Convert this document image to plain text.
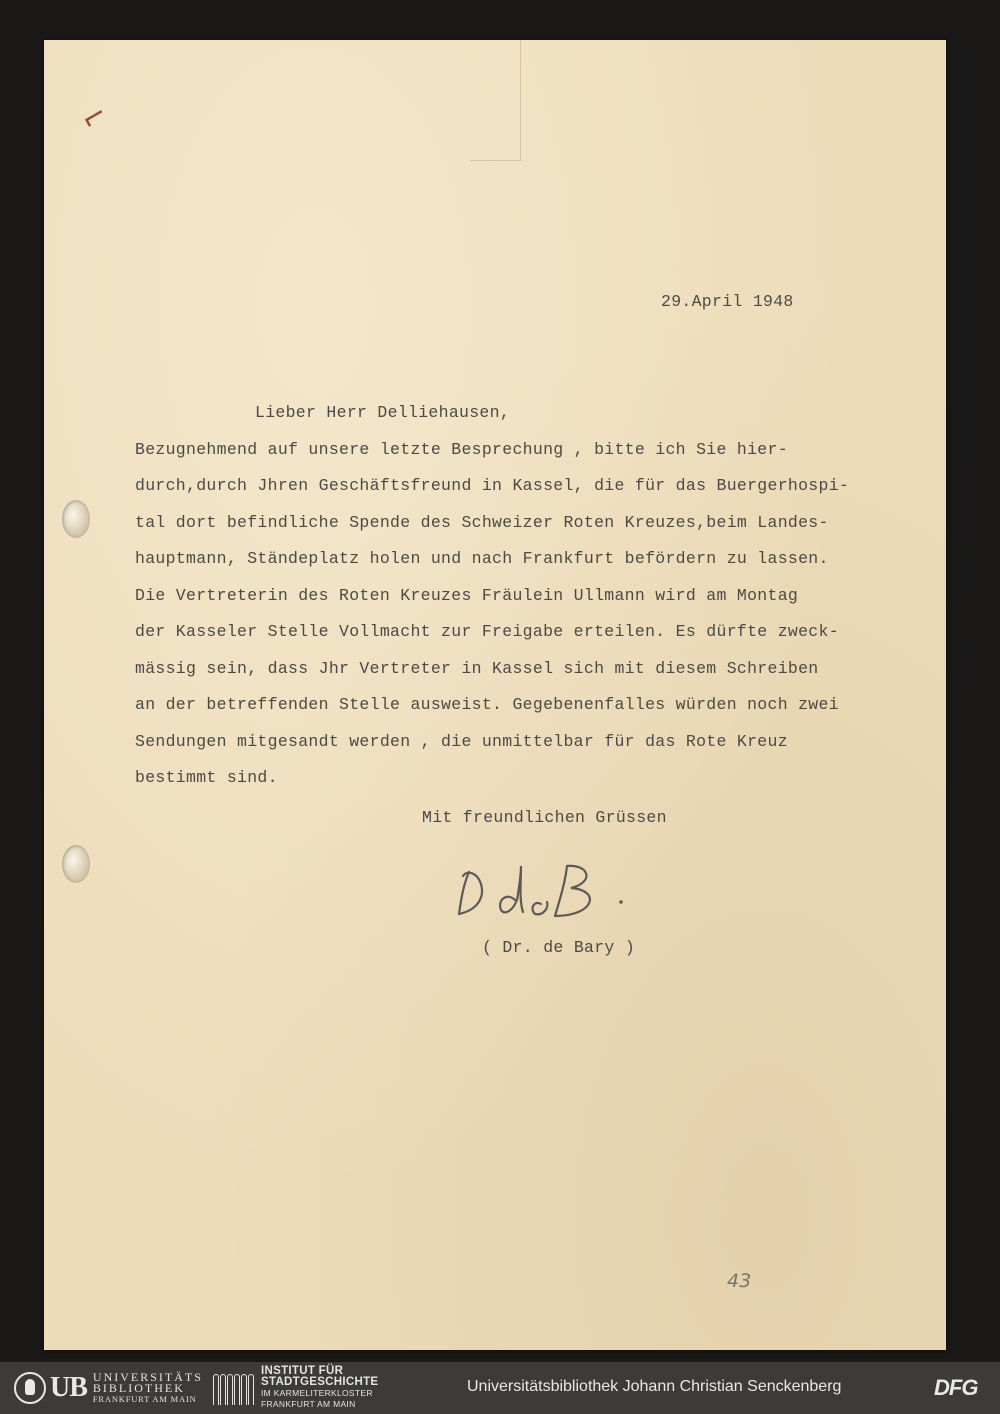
⌐
29.April 1948
Lieber Herr Delliehausen,
Bezugnehmend auf unsere letzte Besprechung , bitte ich Sie hier-
durch,durch Jhren Geschäftsfreund in Kassel, die für das Buergerhospi-
tal dort befindliche Spende des Schweizer Roten Kreuzes,beim Landes-
hauptmann, Ständeplatz holen und nach Frankfurt befördern zu lassen.
Die Vertreterin des Roten Kreuzes Fräulein Ullmann wird am Montag
der Kasseler Stelle Vollmacht zur Freigabe erteilen. Es dürfte zweck-
mässig sein, dass Jhr Vertreter in Kassel sich mit diesem Schreiben
an der betreffenden Stelle ausweist. Gegebenenfalles würden noch zwei
Sendungen mitgesandt werden , die unmittelbar für das Rote Kreuz
bestimmt sind.
Mit freundlichen Grüssen
( Dr. de Bary )
43
UB UNIVERSITÄTS
BIBLIOTHEK
FRANKFURT AM MAIN
INSTITUT FÜR
STADTGESCHICHTE
IM KARMELITERKLOSTER
FRANKFURT AM MAIN
Universitätsbibliothek Johann Christian Senckenberg	DFG
